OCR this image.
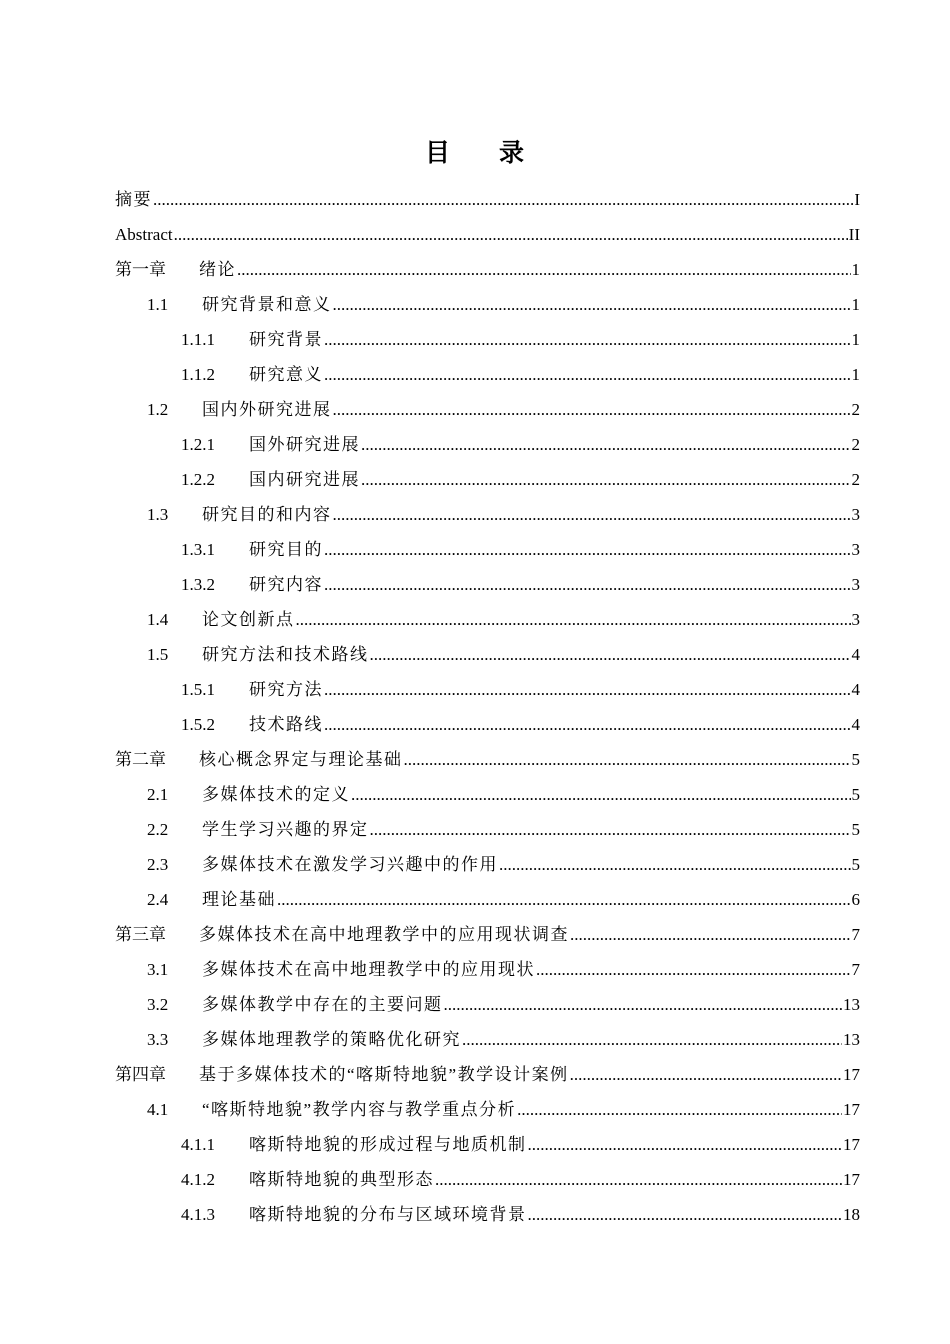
目 录
摘要 .....	I
Abstract .....	II
第一章	绪论 .....	1
1.1	研究背景和意义 .....	1
1.1.1	研究背景 .....	1
1.1.2	研究意义 .....	1
1.2	国内外研究进展 .....	2
1.2.1	国外研究进展 .....	2
1.2.2	国内研究进展 .....	2
1.3	研究目的和内容 .....	3
1.3.1	研究目的 .....	3
1.3.2	研究内容 .....	3
1.4	论文创新点 .....	3
1.5	研究方法和技术路线 .....	4
1.5.1	研究方法 .....	4
1.5.2	技术路线 .....	4
第二章	核心概念界定与理论基础 .....	5
2.1	多媒体技术的定义 .....	5
2.2	学生学习兴趣的界定 .....	5
2.3	多媒体技术在激发学习兴趣中的作用 .....	5
2.4	理论基础 .....	6
第三章	多媒体技术在高中地理教学中的应用现状调查 .....	7
3.1	多媒体技术在高中地理教学中的应用现状 .....	7
3.2	多媒体教学中存在的主要问题 .....	13
3.3	多媒体地理教学的策略优化研究 .....	13
第四章	基于多媒体技术的“喀斯特地貌”教学设计案例 .....	17
4.1	“喀斯特地貌”教学内容与教学重点分析 .....	17
4.1.1	喀斯特地貌的形成过程与地质机制 .....	17
4.1.2	喀斯特地貌的典型形态 .....	17
4.1.3	喀斯特地貌的分布与区域环境背景 .....	18
